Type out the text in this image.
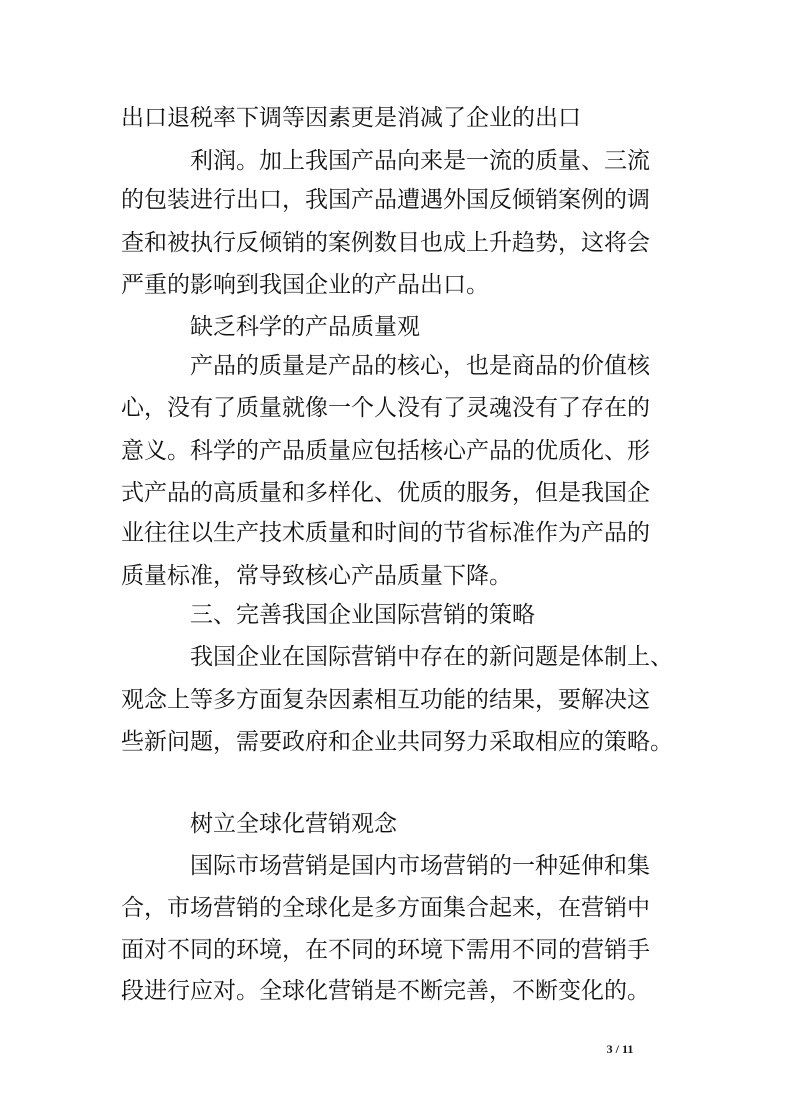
出口退税率下调等因素更是消减了企业的出口
利润。加上我国产品向来是一流的质量、三流
的包装进行出口，我国产品遭遇外国反倾销案例的调
查和被执行反倾销的案例数目也成上升趋势，这将会
严重的影响到我国企业的产品出口。
缺乏科学的产品质量观
产品的质量是产品的核心，也是商品的价值核
心，没有了质量就像一个人没有了灵魂没有了存在的
意义。科学的产品质量应包括核心产品的优质化、形
式产品的高质量和多样化、优质的服务，但是我国企
业往往以生产技术质量和时间的节省标准作为产品的
质量标准，常导致核心产品质量下降。
三、完善我国企业国际营销的策略
我国企业在国际营销中存在的新问题是体制上、
观念上等多方面复杂因素相互功能的结果，要解决这
些新问题，需要政府和企业共同努力采取相应的策略。
树立全球化营销观念
国际市场营销是国内市场营销的一种延伸和集
合，市场营销的全球化是多方面集合起来，在营销中
面对不同的环境，在不同的环境下需用不同的营销手
段进行应对。全球化营销是不断完善，不断变化的。
3 / 11
